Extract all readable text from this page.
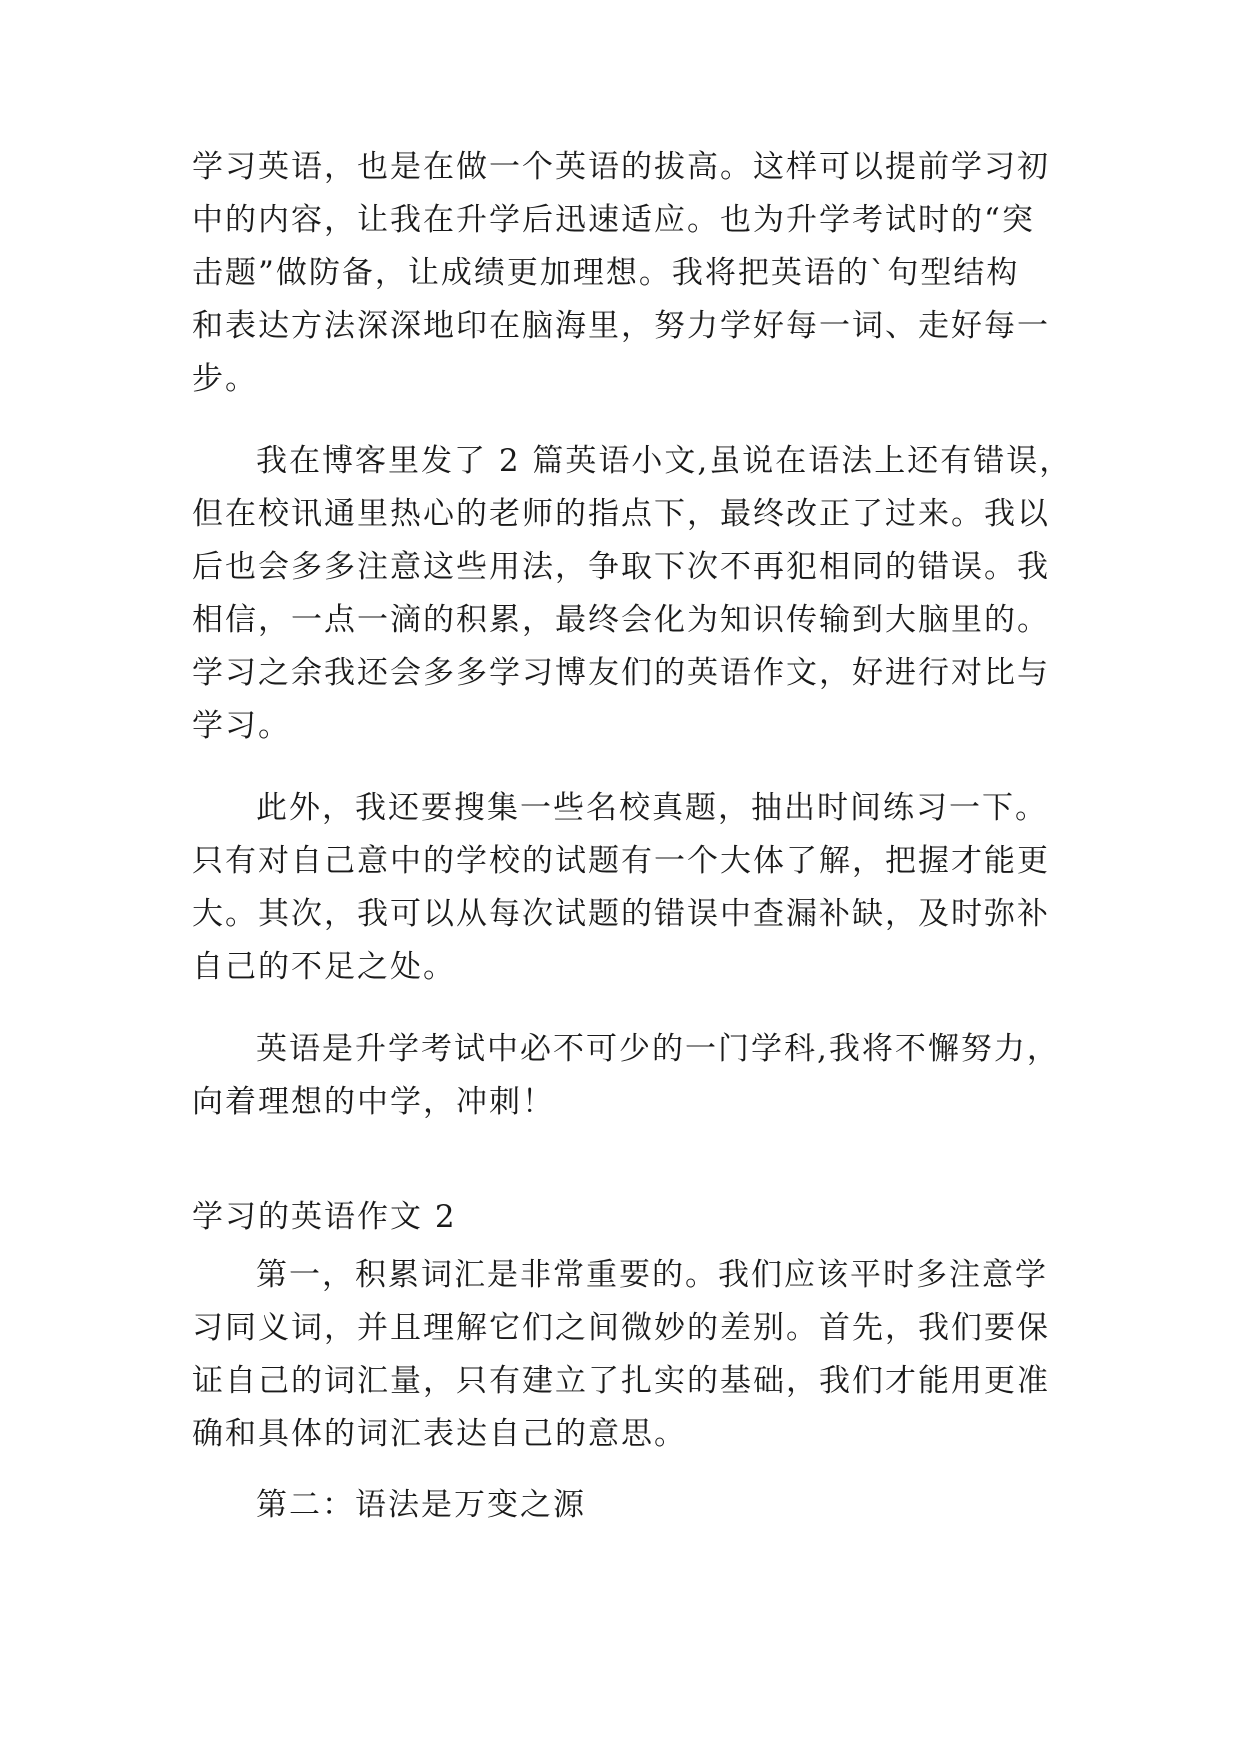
学习英语，也是在做一个英语的拔高。这样可以提前学习初
中的内容，让我在升学后迅速适应。也为升学考试时的“突
击题”做防备，让成绩更加理想。我将把英语的`句型结构
和表达方法深深地印在脑海里，努力学好每一词、走好每一
步。
我在博客里发了 2 篇英语小文,虽说在语法上还有错误，
但在校讯通里热心的老师的指点下，最终改正了过来。我以
后也会多多注意这些用法，争取下次不再犯相同的错误。我
相信，一点一滴的积累，最终会化为知识传输到大脑里的。
学习之余我还会多多学习博友们的英语作文，好进行对比与
学习。
此外，我还要搜集一些名校真题，抽出时间练习一下。
只有对自己意中的学校的试题有一个大体了解，把握才能更
大。其次，我可以从每次试题的错误中查漏补缺，及时弥补
自己的不足之处。
英语是升学考试中必不可少的一门学科,我将不懈努力，
向着理想的中学，冲刺！
学习的英语作文 2
第一，积累词汇是非常重要的。我们应该平时多注意学
习同义词，并且理解它们之间微妙的差别。首先，我们要保
证自己的词汇量，只有建立了扎实的基础，我们才能用更准
确和具体的词汇表达自己的意思。
第二：语法是万变之源
